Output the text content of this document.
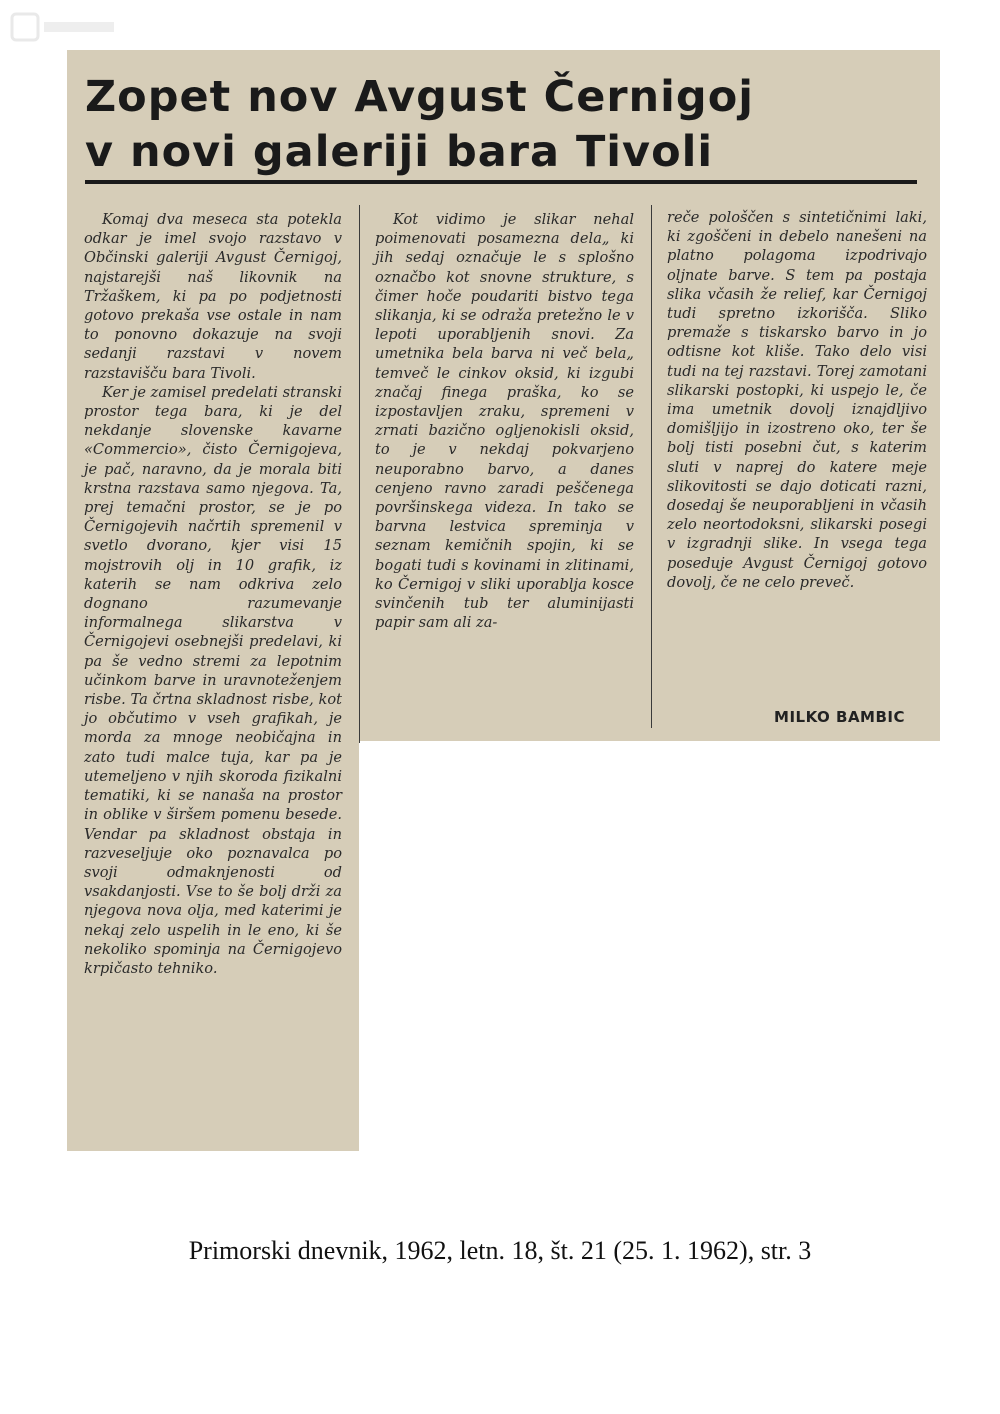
Zopet nov Avgust Černigoj
v novi galeriji bara Tivoli

Komaj dva meseca sta potekla odkar je imel svojo razstavo v Občinski galeriji Avgust Černigoj, najstarejši naš likovnik na Tržaškem, ki pa po podjetnosti gotovo prekaša vse ostale in nam to ponovno dokazuje na svoji sedanji razstavi v novem razstavišču bara Tivoli.

Ker je zamisel predelati stranski prostor tega bara, ki je del nekdanje slovenske kavarne «Commercio», čisto Černigojeva, je pač, naravno, da je morala biti krstna razstava samo njegova. Ta, prej temačni prostor, se je po Černigojevih načrtih spremenil v svetlo dvorano, kjer visi 15 mojstrovih olj in 10 grafik, iz katerih se nam odkriva zelo dognano razumevanje informalnega slikarstva v Černigojevi osebnejši predelavi, ki pa še vedno stremi za lepotnim učinkom barve in uravnoteženjem risbe. Ta črtna skladnost risbe, kot jo občutimo v vseh grafikah, je morda za mnoge neobičajna in zato tudi malce tuja, kar pa je utemeljeno v njih skoroda fizikalni tematiki, ki se nanaša na prostor in oblike v širšem pomenu besede. Vendar pa skladnost obstaja in razveseljuje oko poznavalca po svoji odmaknjenosti od vsakdanjosti. Vse to še bolj drži za njegova nova olja, med katerimi je nekaj zelo uspelih in le eno, ki še nekoliko spominja na Černigojevo krpičasto tehniko.

Kot vidimo je slikar nehal poimenovati posamezna dela„ ki jih sedaj označuje le s splošno označbo kot snovne strukture, s čimer hoče poudariti bistvo tega slikanja, ki se odraža pretežno le v lepoti uporabljenih snovi. Za umetnika bela barva ni več bela„ temveč le cinkov oksid, ki izgubi značaj finega praška, ko se izpostavljen zraku, spremeni v zrnati bazično ogljenokisli oksid, to je v nekdaj pokvarjeno neuporabno barvo, a danes cenjeno ravno zaradi peščenega površinskega videza. In tako se barvna lestvica spreminja v seznam kemičnih spojin, ki se bogati tudi s kovinami in zlitinami, ko Černigoj v sliki uporablja kosce svinčenih tub ter aluminijasti papir sam ali za-

reče pološčen s sintetičnimi laki, ki zgoščeni in debelo nanešeni na platno polagoma izpodrivajo oljnate barve. S tem pa postaja slika včasih že relief, kar Černigoj tudi spretno izkorišča. Sliko premaže s tiskarsko barvo in jo odtisne kot kliše. Tako delo visi tudi na tej razstavi. Torej zamotani slikarski postopki, ki uspejo le, če ima umetnik dovolj iznajdljivo domišljijo in izostreno oko, ter še bolj tisti posebni čut, s katerim sluti v naprej do katere meje slikovitosti se dajo doticati razni, dosedaj še neuporabljeni in včasih zelo neortodoksni, slikarski posegi v izgradnji slike. In vsega tega poseduje Avgust Černigoj gotovo dovolj, če ne celo preveč.

MILKO BAMBIC
Primorski dnevnik, 1962, letn. 18, št. 21 (25. 1. 1962), str. 3
